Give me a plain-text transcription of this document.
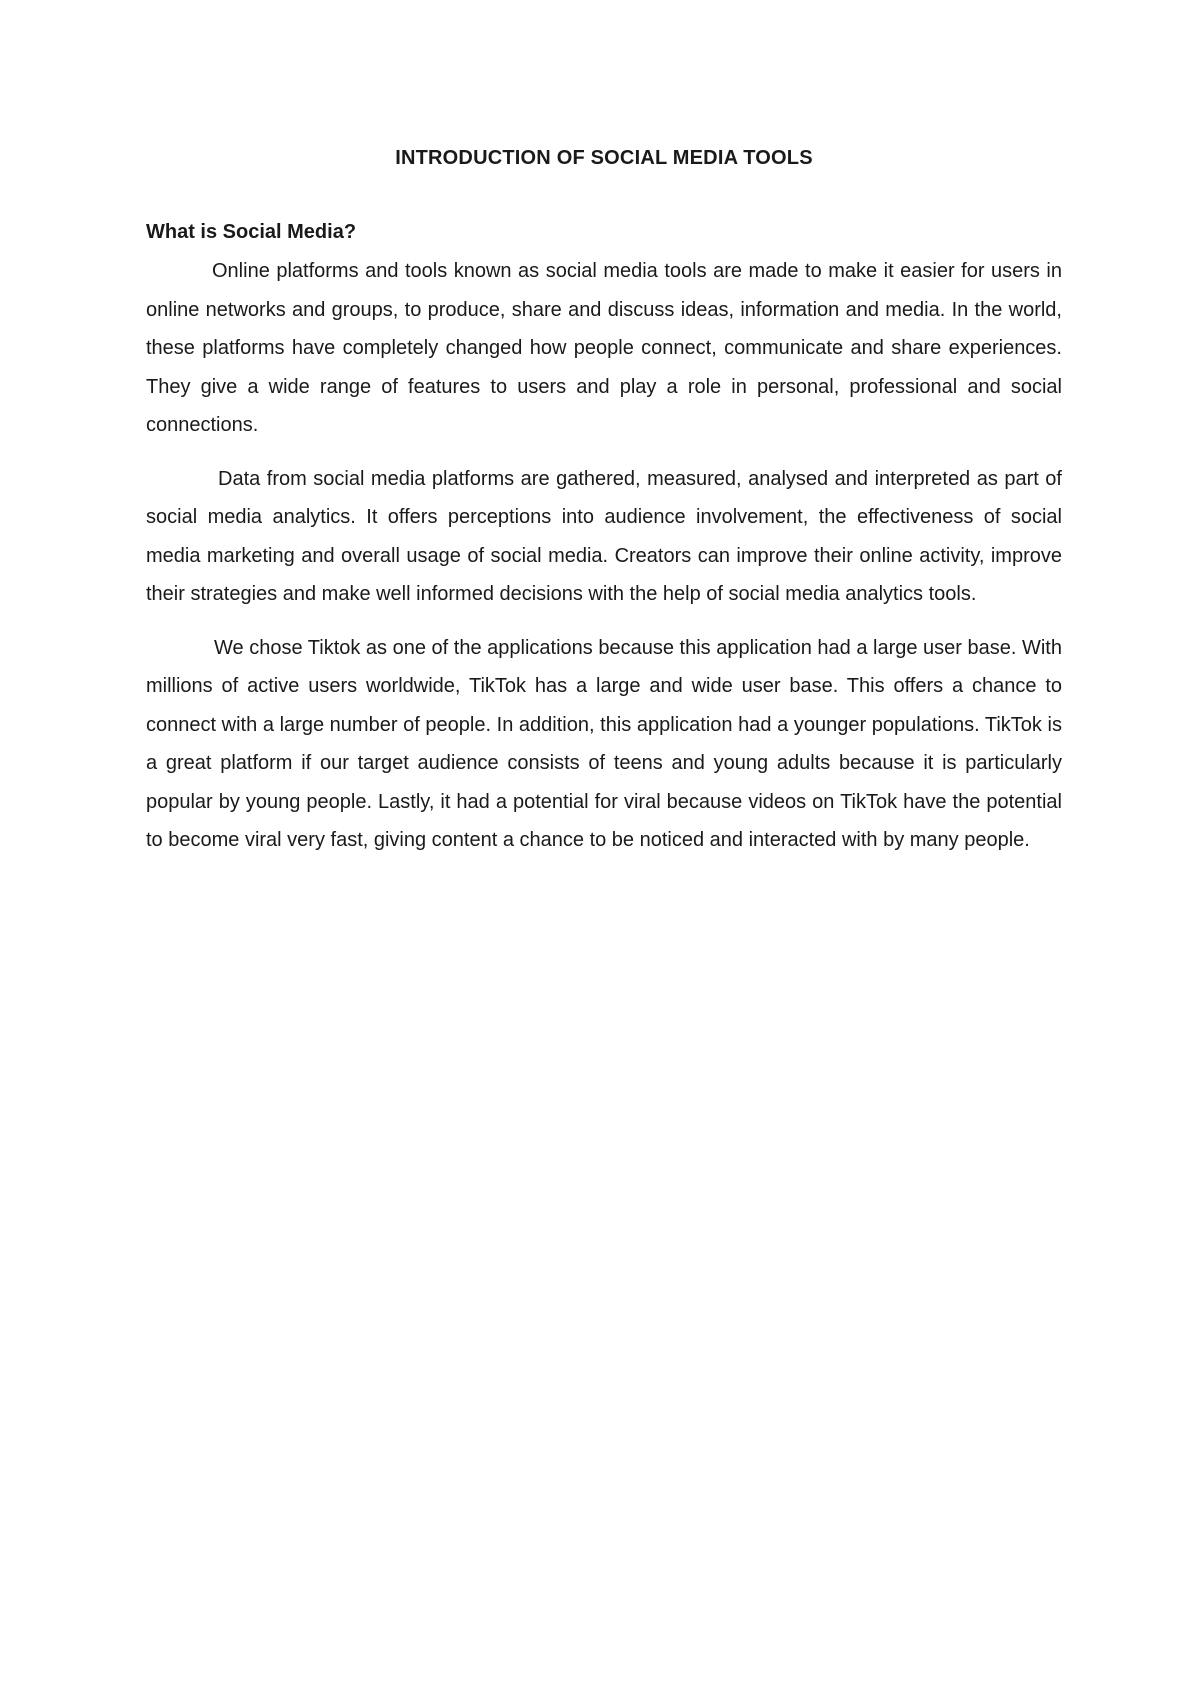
INTRODUCTION OF SOCIAL MEDIA TOOLS
What is Social Media?

Online platforms and tools known as social media tools are made to make it easier for users in online networks and groups, to produce, share and discuss ideas, information and media. In the world, these platforms have completely changed how people connect, communicate and share experiences. They give a wide range of features to users and play a role in personal, professional and social connections.

Data from social media platforms are gathered, measured, analysed and interpreted as part of social media analytics. It offers perceptions into audience involvement, the effectiveness of social media marketing and overall usage of social media. Creators can improve their online activity, improve their strategies and make well informed decisions with the help of social media analytics tools.

We chose Tiktok as one of the applications because this application had a large user base. With millions of active users worldwide, TikTok has a large and wide user base. This offers a chance to connect with a large number of people. In addition, this application had a younger populations. TikTok is a great platform if our target audience consists of teens and young adults because it is particularly popular by young people. Lastly, it had a potential for viral because videos on TikTok have the potential to become viral very fast, giving content a chance to be noticed and interacted with by many people.
